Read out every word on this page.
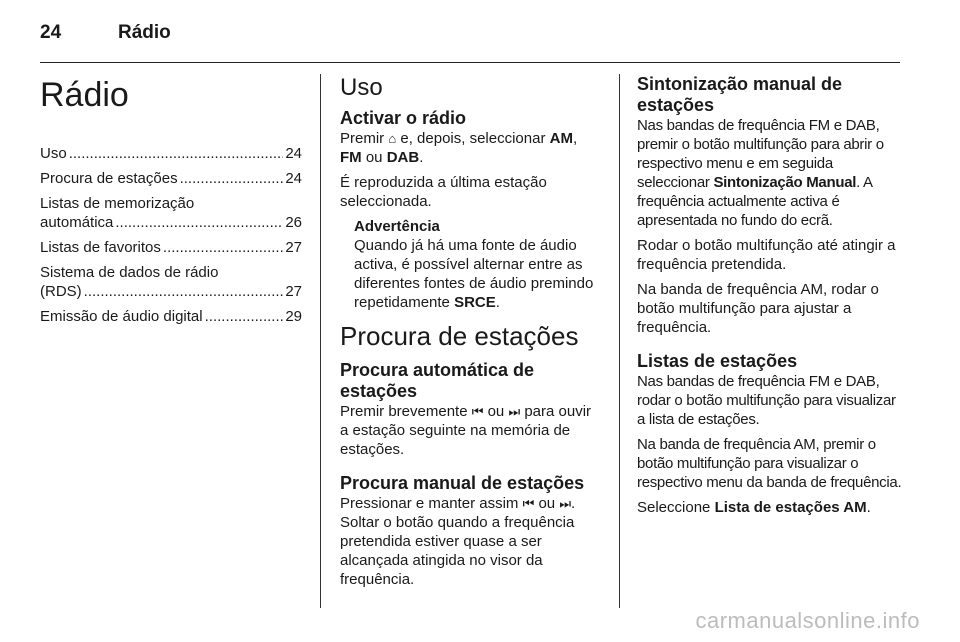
24	Rádio
Rádio
Uso .....	24
Procura de estações .....	24
Listas de memorização
automática .....	26
Listas de favoritos .....	27
Sistema de dados de rádio
(RDS) .....	27
Emissão de áudio digital .....	29
Uso
Activar o rádio

Premir ⌂ e, depois, seleccionar AM, FM ou DAB.

É reproduzida a última estação seleccionada.

Advertência

Quando já há uma fonte de áudio activa, é possível alternar entre as diferentes fontes de áudio premindo repetidamente SRCE.

Procura de estações
Procura automática de estações

Premir brevemente ⏮ ou ⏭ para ouvir a estação seguinte na memória de estações.

Procura manual de estações

Pressionar e manter assim ⏮ ou ⏭. Soltar o botão quando a frequência pretendida estiver quase a ser alcançada atingida no visor da frequência.

Sintonização manual de estações

Nas bandas de frequência FM e DAB, premir o botão multifunção para abrir o respectivo menu e em seguida seleccionar Sintonização Manual. A frequência actualmente activa é apresentada no fundo do ecrã.

Rodar o botão multifunção até atingir a frequência pretendida.

Na banda de frequência AM, rodar o botão multifunção para ajustar a frequência.

Listas de estações

Nas bandas de frequência FM e DAB, rodar o botão multifunção para visualizar a lista de estações.

Na banda de frequência AM, premir o botão multifunção para visualizar o respectivo menu da banda de frequência.

Seleccione Lista de estações AM.

carmanualsonline.info
